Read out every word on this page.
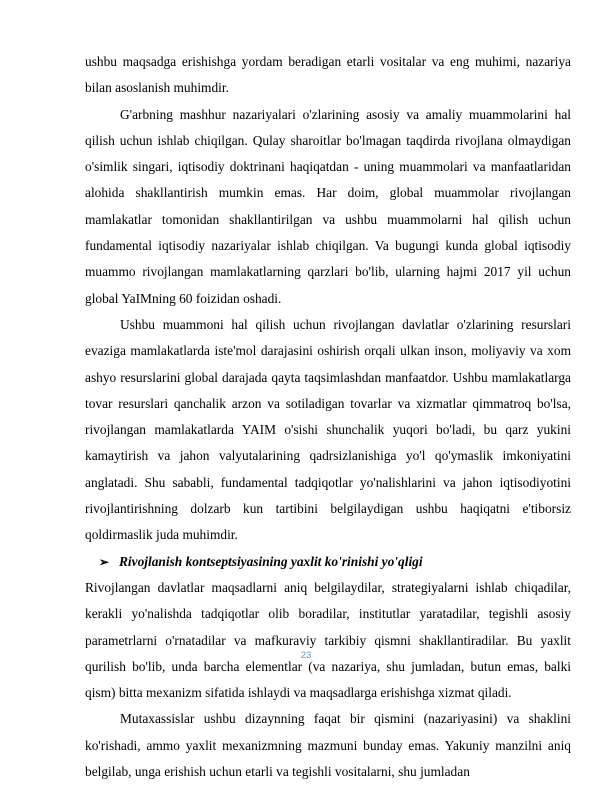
ushbu maqsadga erishishga yordam beradigan etarli vositalar va eng muhimi, nazariya bilan asoslanish muhimdir.

G'arbning mashhur nazariyalari o'zlarining asosiy va amaliy muammolarini hal qilish uchun ishlab chiqilgan. Qulay sharoitlar bo'lmagan taqdirda rivojlana olmaydigan o'simlik singari, iqtisodiy doktrinani haqiqatdan - uning muammolari va manfaatlaridan alohida shakllantirish mumkin emas. Har doim, global muammolar rivojlangan mamlakatlar tomonidan shakllantirilgan va ushbu muammolarni hal qilish uchun fundamental iqtisodiy nazariyalar ishlab chiqilgan. Va bugungi kunda global iqtisodiy muammo rivojlangan mamlakatlarning qarzlari bo'lib, ularning hajmi 2017 yil uchun global YaIMning 60 foizidan oshadi.

Ushbu muammoni hal qilish uchun rivojlangan davlatlar o'zlarining resurslari evaziga mamlakatlarda iste'mol darajasini oshirish orqali ulkan inson, moliyaviy va xom ashyo resurslarini global darajada qayta taqsimlashdan manfaatdor. Ushbu mamlakatlarga tovar resurslari qanchalik arzon va sotiladigan tovarlar va xizmatlar qimmatroq bo'lsa, rivojlangan mamlakatlarda YAIM o'sishi shunchalik yuqori bo'ladi, bu qarz yukini kamaytirish va jahon valyutalarining qadrsizlanishiga yo'l qo'ymaslik imkoniyatini anglatadi. Shu sababli, fundamental tadqiqotlar yo'nalishlarini va jahon iqtisodiyotini rivojlantirishning dolzarb kun tartibini belgilaydigan ushbu haqiqatni e'tiborsiz qoldirmaslik juda muhimdir.

➢ Rivojlanish kontseptsiyasining yaxlit ko'rinishi yo'qligi

Rivojlangan davlatlar maqsadlarni aniq belgilaydilar, strategiyalarni ishlab chiqadilar, kerakli yo'nalishda tadqiqotlar olib boradilar, institutlar yaratadilar, tegishli asosiy parametrlarni o'rnatadilar va mafkuraviy tarkibiy qismni shakllantiradilar. Bu yaxlit qurilish bo'lib, unda barcha elementlar (va nazariya, shu jumladan, butun emas, balki qism) bitta mexanizm sifatida ishlaydi va maqsadlarga erishishga xizmat qiladi.

Mutaxassislar ushbu dizaynning faqat bir qismini (nazariyasini) va shaklini ko'rishadi, ammo yaxlit mexanizmning mazmuni bunday emas. Yakuniy manzilni aniq belgilab, unga erishish uchun etarli va tegishli vositalarni, shu jumladan

23
